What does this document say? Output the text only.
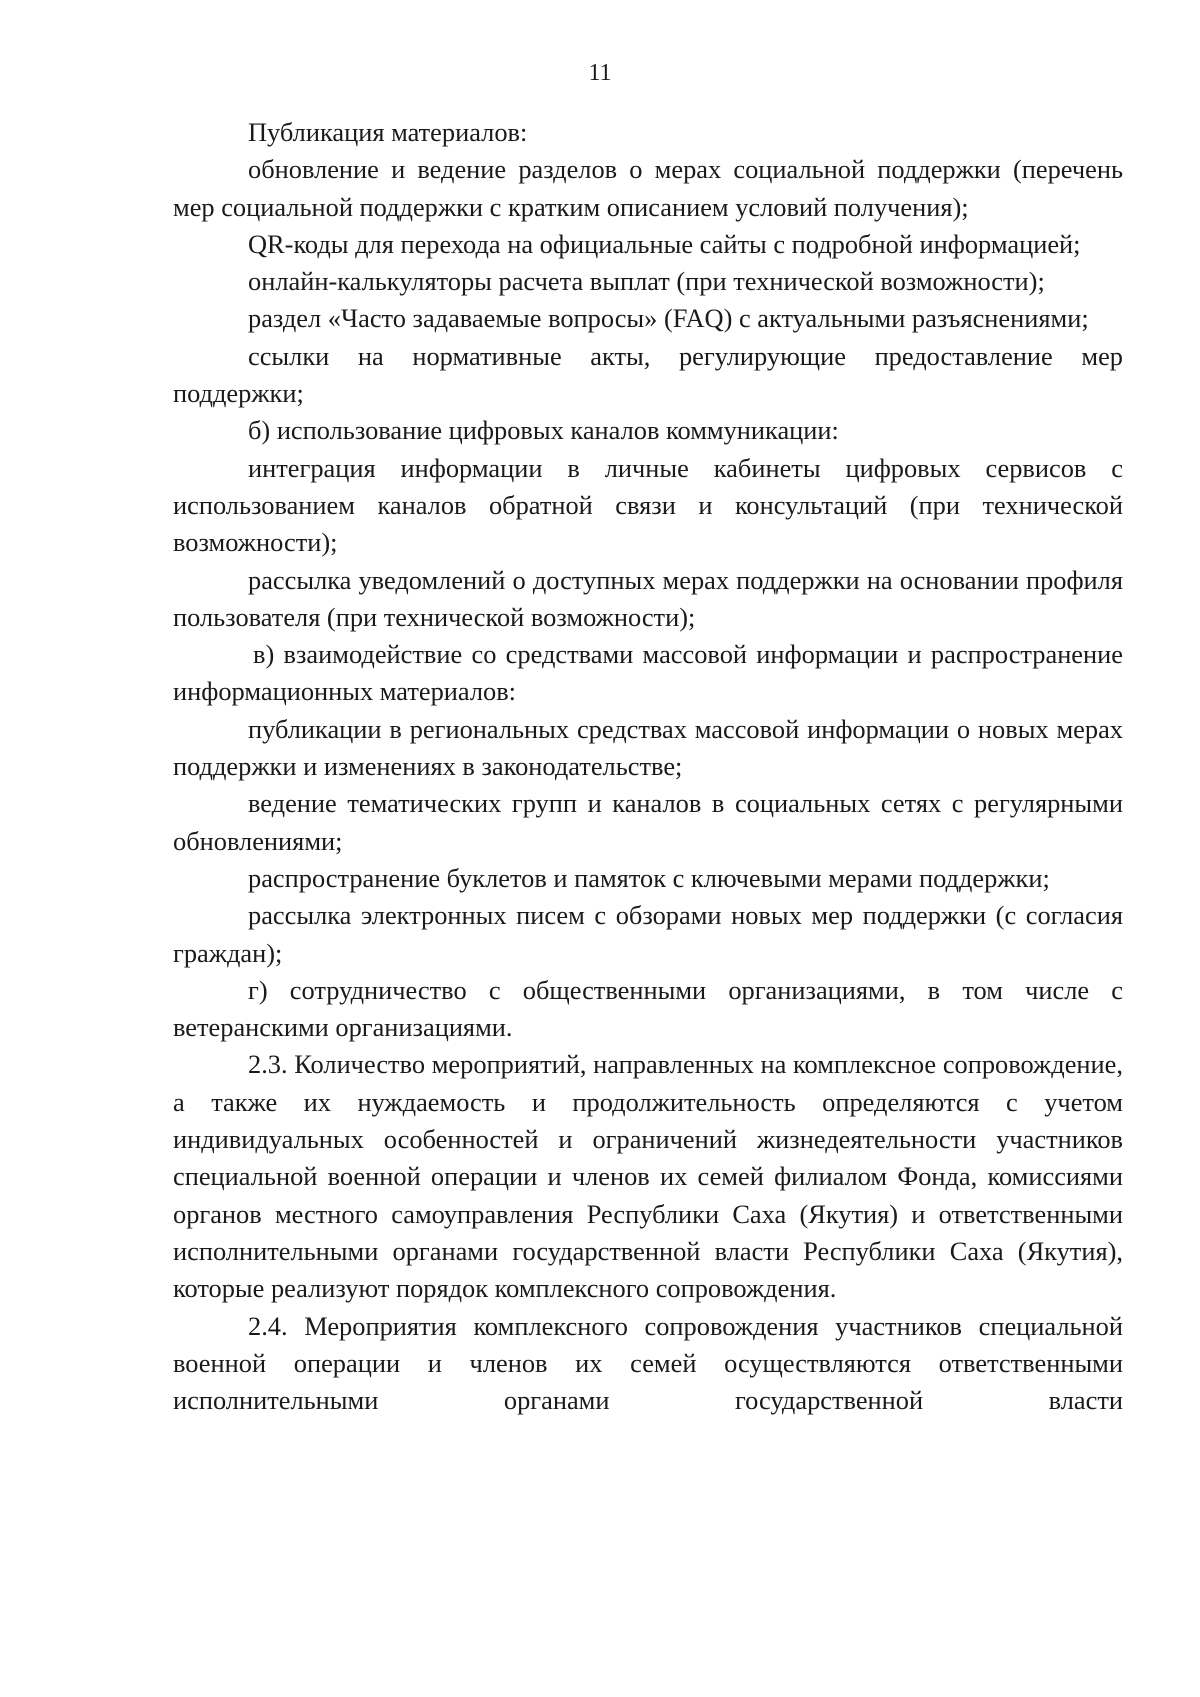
11

Публикация материалов:

обновление и ведение разделов о мерах социальной поддержки (перечень мер социальной поддержки с кратким описанием условий получения);

QR-коды для перехода на официальные сайты с подробной информацией;

онлайн-калькуляторы расчета выплат (при технической возможности);

раздел «Часто задаваемые вопросы» (FAQ) с актуальными разъяснениями;

ссылки на нормативные акты, регулирующие предоставление мер поддержки;

б) использование цифровых каналов коммуникации:

интеграция информации в личные кабинеты цифровых сервисов с использованием каналов обратной связи и консультаций (при технической возможности);

рассылка уведомлений о доступных мерах поддержки на основании профиля пользователя (при технической возможности);

в) взаимодействие со средствами массовой информации и распространение информационных материалов:

публикации в региональных средствах массовой информации о новых мерах поддержки и изменениях в законодательстве;

ведение тематических групп и каналов в социальных сетях с регулярными обновлениями;

распространение буклетов и памяток с ключевыми мерами поддержки;

рассылка электронных писем с обзорами новых мер поддержки (с согласия граждан);

г) сотрудничество с общественными организациями, в том числе с ветеранскими организациями.

2.3. Количество мероприятий, направленных на комплексное сопровождение, а также их нуждаемость и продолжительность определяются с учетом индивидуальных особенностей и ограничений жизнедеятельности участников специальной военной операции и членов их семей филиалом Фонда, комиссиями органов местного самоуправления Республики Саха (Якутия) и ответственными исполнительными органами государственной власти Республики Саха (Якутия), которые реализуют порядок комплексного сопровождения.

2.4. Мероприятия комплексного сопровождения участников специальной военной операции и членов их семей осуществляются ответственными исполнительными органами государственной власти
